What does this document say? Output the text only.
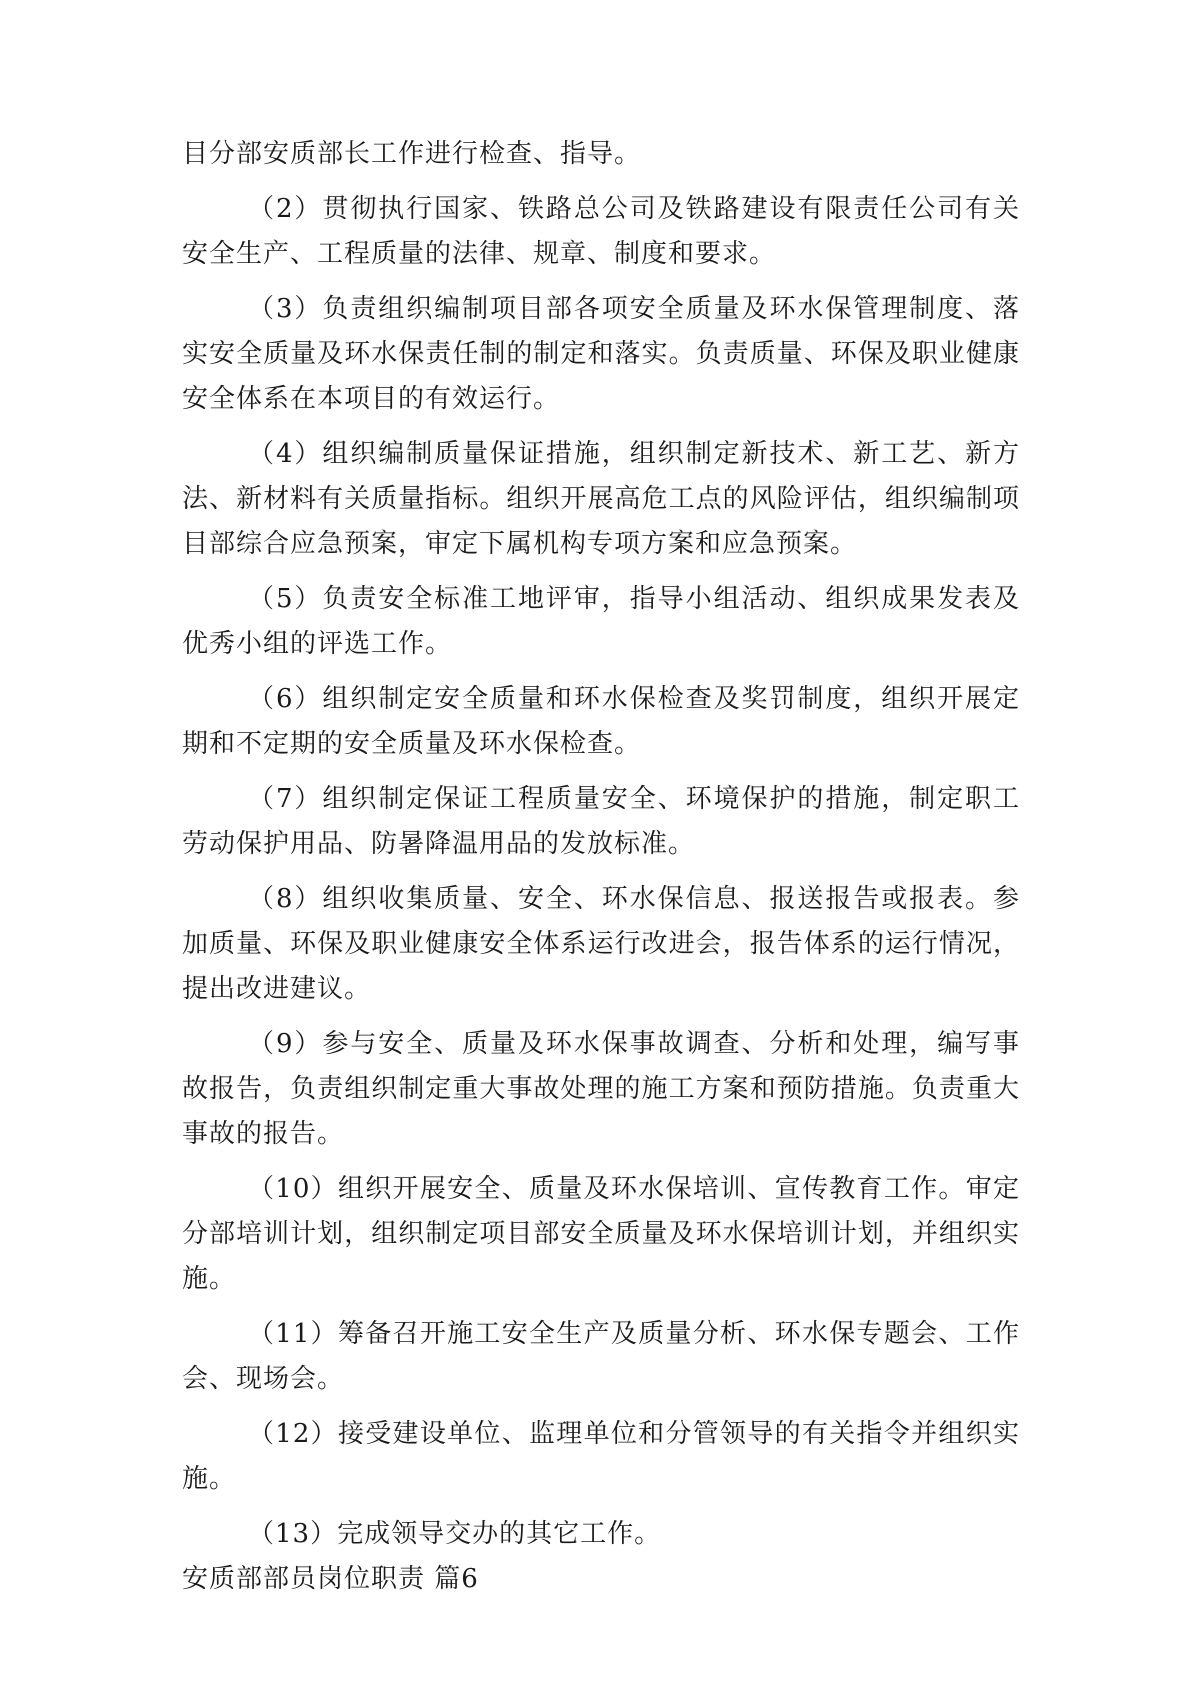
目分部安质部长工作进行检查、指导。

（2）贯彻执行国家、铁路总公司及铁路建设有限责任公司有关安全生产、工程质量的法律、规章、制度和要求。

（3）负责组织编制项目部各项安全质量及环水保管理制度、落实安全质量及环水保责任制的制定和落实。负责质量、环保及职业健康安全体系在本项目的有效运行。

（4）组织编制质量保证措施，组织制定新技术、新工艺、新方法、新材料有关质量指标。组织开展高危工点的风险评估，组织编制项目部综合应急预案，审定下属机构专项方案和应急预案。

（5）负责安全标准工地评审，指导小组活动、组织成果发表及优秀小组的评选工作。

（6）组织制定安全质量和环水保检查及奖罚制度，组织开展定期和不定期的安全质量及环水保检查。

（7）组织制定保证工程质量安全、环境保护的措施，制定职工劳动保护用品、防暑降温用品的发放标准。

（8）组织收集质量、安全、环水保信息、报送报告或报表。参加质量、环保及职业健康安全体系运行改进会，报告体系的运行情况，提出改进建议。

（9）参与安全、质量及环水保事故调查、分析和处理，编写事故报告，负责组织制定重大事故处理的施工方案和预防措施。负责重大事故的报告。

（10）组织开展安全、质量及环水保培训、宣传教育工作。审定分部培训计划，组织制定项目部安全质量及环水保培训计划，并组织实施。

（11）筹备召开施工安全生产及质量分析、环水保专题会、工作会、现场会。

（12）接受建设单位、监理单位和分管领导的有关指令并组织实施。

（13）完成领导交办的其它工作。

安质部部员岗位职责 篇6
